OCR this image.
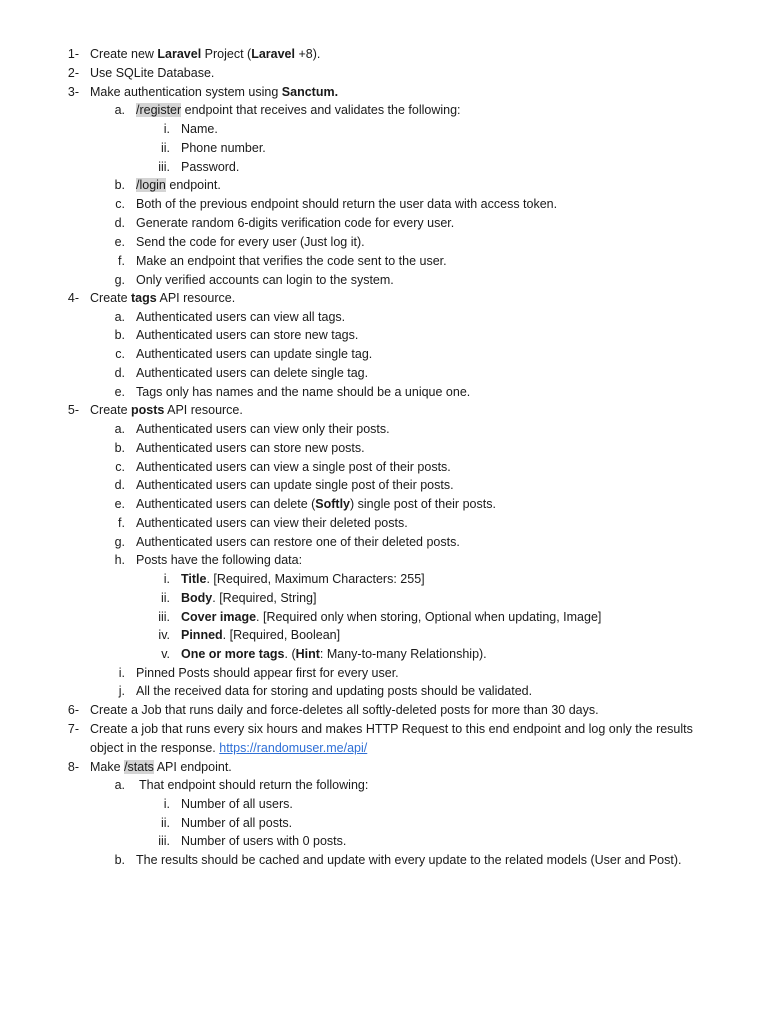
1- Create new Laravel Project (Laravel +8).
2- Use SQLite Database.
3- Make authentication system using Sanctum.
a. /register endpoint that receives and validates the following:
i. Name.
ii. Phone number.
iii. Password.
b. /login endpoint.
c. Both of the previous endpoint should return the user data with access token.
d. Generate random 6-digits verification code for every user.
e. Send the code for every user (Just log it).
f. Make an endpoint that verifies the code sent to the user.
g. Only verified accounts can login to the system.
4- Create tags API resource.
a. Authenticated users can view all tags.
b. Authenticated users can store new tags.
c. Authenticated users can update single tag.
d. Authenticated users can delete single tag.
e. Tags only has names and the name should be a unique one.
5- Create posts API resource.
a. Authenticated users can view only their posts.
b. Authenticated users can store new posts.
c. Authenticated users can view a single post of their posts.
d. Authenticated users can update single post of their posts.
e. Authenticated users can delete (Softly) single post of their posts.
f. Authenticated users can view their deleted posts.
g. Authenticated users can restore one of their deleted posts.
h. Posts have the following data:
i. Title. [Required, Maximum Characters: 255]
ii. Body. [Required, String]
iii. Cover image. [Required only when storing, Optional when updating, Image]
iv. Pinned. [Required, Boolean]
v. One or more tags. (Hint: Many-to-many Relationship).
i. Pinned Posts should appear first for every user.
j. All the received data for storing and updating posts should be validated.
6- Create a Job that runs daily and force-deletes all softly-deleted posts for more than 30 days.
7- Create a job that runs every six hours and makes HTTP Request to this end endpoint and log only the results
object in the response. https://randomuser.me/api/
8- Make /stats API endpoint.
a. That endpoint should return the following:
i. Number of all users.
ii. Number of all posts.
iii. Number of users with 0 posts.
b. The results should be cached and update with every update to the related models (User and Post).
